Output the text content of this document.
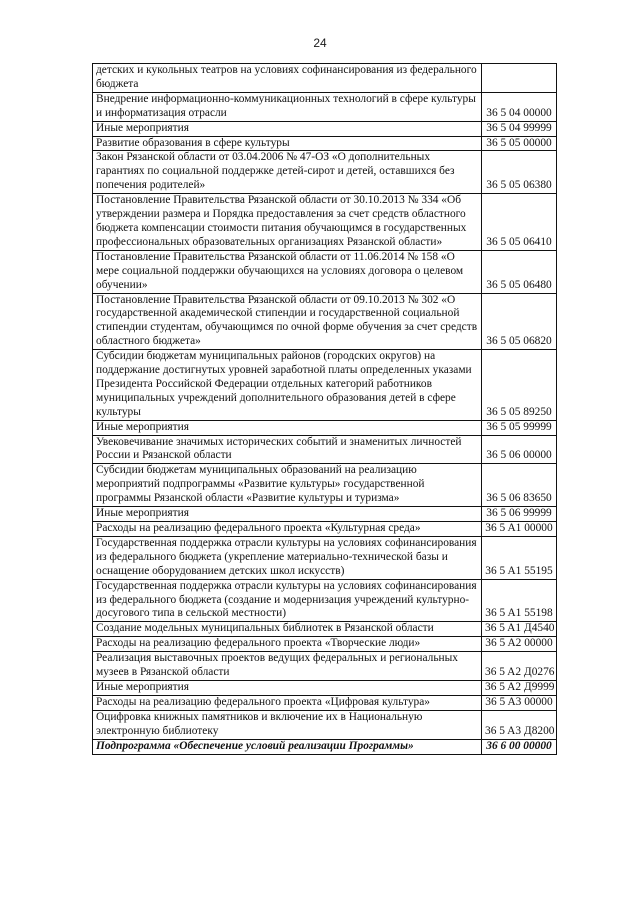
24
детских и кукольных театров на условиях софинансирования из федерального бюджета	
Внедрение информационно-коммуникационных технологий в сфере культуры и информатизация отрасли	36 5 04 00000
Иные мероприятия	36 5 04 99999
Развитие образования в сфере культуры	36 5 05 00000
Закон Рязанской области от 03.04.2006 № 47-ОЗ «О дополнительных гарантиях по социальной поддержке детей-сирот и детей, оставшихся без попечения родителей»	36 5 05 06380
Постановление Правительства Рязанской области от 30.10.2013 № 334 «Об утверждении размера и Порядка предоставления за счет средств областного бюджета компенсации стоимости питания обучающимся в государственных профессиональных образовательных организациях Рязанской области»	36 5 05 06410
Постановление Правительства Рязанской области от 11.06.2014 № 158 «О мере социальной поддержки обучающихся на условиях договора о целевом обучении»	36 5 05 06480
Постановление Правительства Рязанской области от 09.10.2013 № 302 «О государственной академической стипендии и государственной социальной стипендии студентам, обучающимся по очной форме обучения за счет средств областного бюджета»	36 5 05 06820
Субсидии бюджетам муниципальных районов (городских округов) на поддержание достигнутых уровней заработной платы определенных указами Президента Российской Федерации отдельных категорий работников муниципальных учреждений дополнительного образования детей в сфере культуры	36 5 05 89250
Иные мероприятия	36 5 05 99999
Увековечивание значимых исторических событий и знаменитых личностей России и Рязанской области	36 5 06 00000
Субсидии бюджетам муниципальных образований на реализацию мероприятий подпрограммы «Развитие культуры» государственной программы Рязанской области «Развитие культуры и туризма»	36 5 06 83650
Иные мероприятия	36 5 06 99999
Расходы на реализацию федерального проекта «Культурная среда»	36 5 A1 00000
Государственная поддержка отрасли культуры на условиях софинансирования из федерального бюджета (укрепление материально-технической базы и оснащение оборудованием детских школ искусств)	36 5 A1 55195
Государственная поддержка отрасли культуры на условиях софинансирования из федерального бюджета (создание и модернизация учреждений культурно-досугового типа в сельской местности)	36 5 A1 55198
Создание модельных муниципальных библиотек в Рязанской области	36 5 A1 Д4540
Расходы на реализацию федерального проекта «Творческие люди»	36 5 A2 00000
Реализация выставочных проектов ведущих федеральных и региональных музеев в Рязанской области	36 5 A2 Д0276
Иные мероприятия	36 5 A2 Д9999
Расходы на реализацию федерального проекта «Цифровая культура»	36 5 A3 00000
Оцифровка книжных памятников и включение их в Национальную электронную библиотеку	36 5 A3 Д8200
Подпрограмма «Обеспечение условий реализации Программы»	36 6 00 00000
